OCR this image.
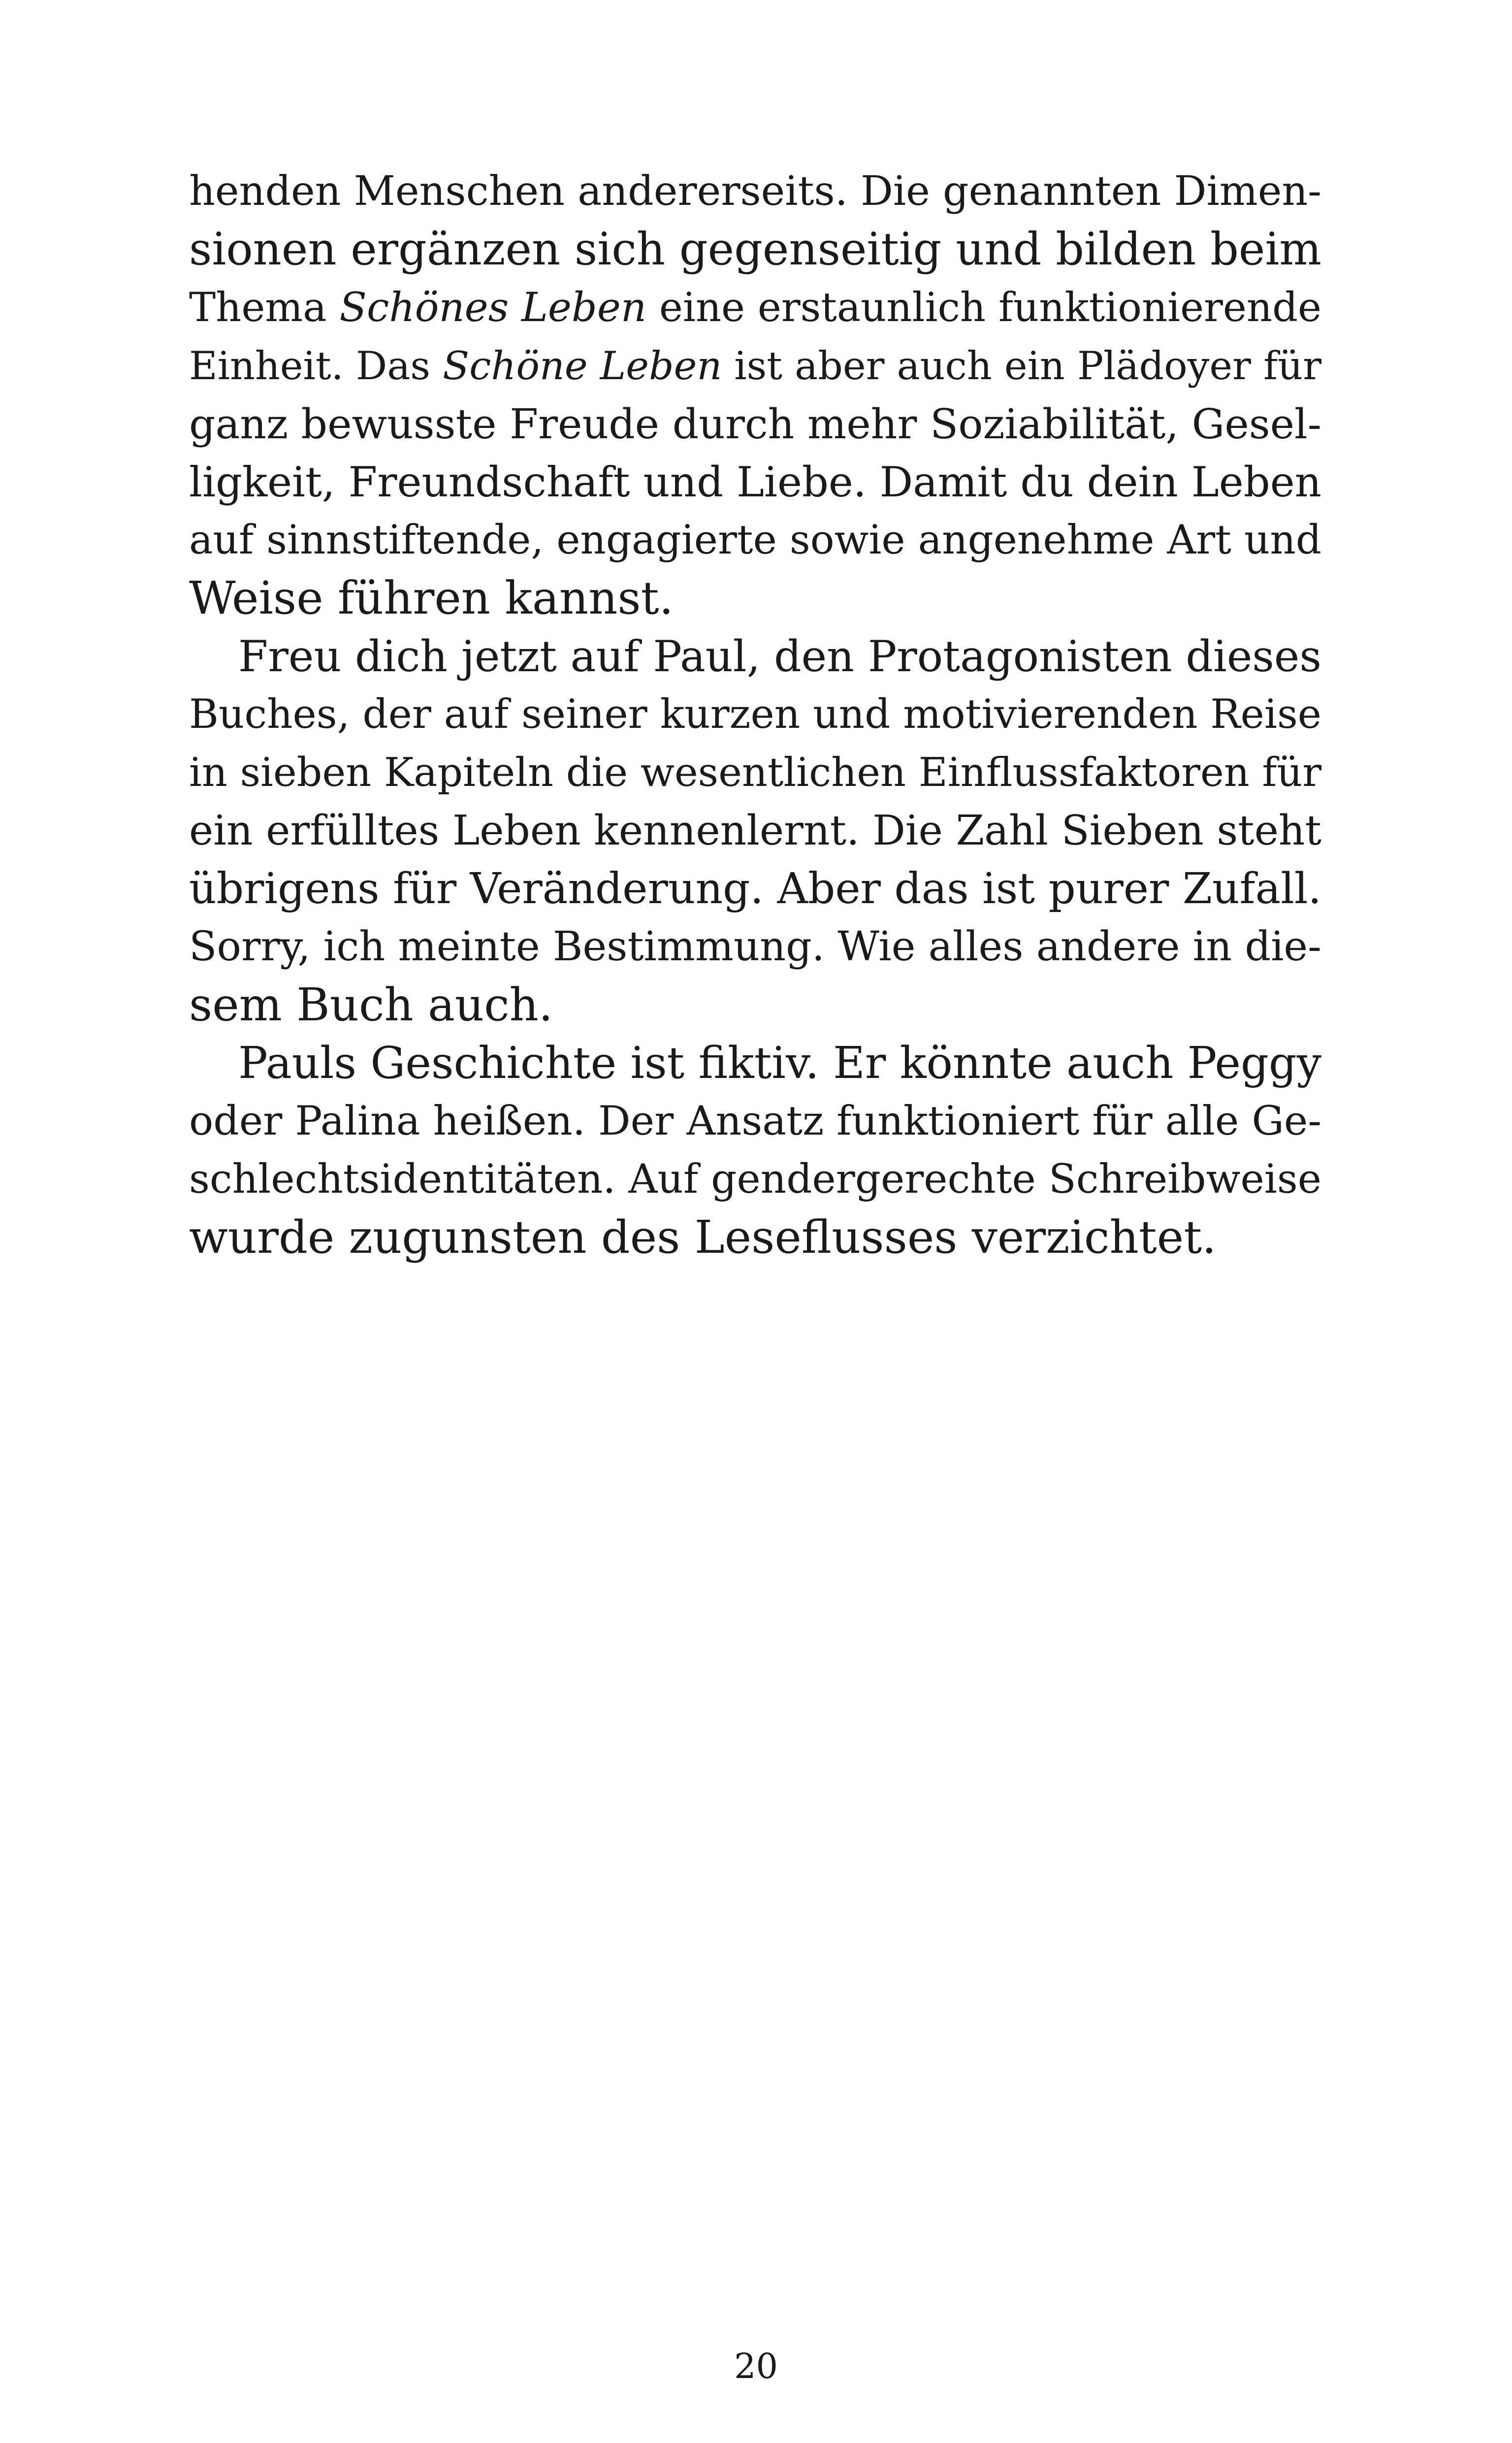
henden Menschen andererseits. Die genannten Dimen-
sionen ergänzen sich gegenseitig und bilden beim
Thema Schönes Leben eine erstaunlich funktionierende
Einheit. Das Schöne Leben ist aber auch ein Plädoyer für
ganz bewusste Freude durch mehr Soziabilität, Gesel-
ligkeit, Freundschaft und Liebe. Damit du dein Leben
auf sinnstiftende, engagierte sowie angenehme Art und
Weise führen kannst.
Freu dich jetzt auf Paul, den Protagonisten dieses
Buches, der auf seiner kurzen und motivierenden Reise
in sieben Kapiteln die wesentlichen Einflussfaktoren für
ein erfülltes Leben kennenlernt. Die Zahl Sieben steht
übrigens für Veränderung. Aber das ist purer Zufall.
Sorry, ich meinte Bestimmung. Wie alles andere in die-
sem Buch auch.
Pauls Geschichte ist fiktiv. Er könnte auch Peggy
oder Palina heißen. Der Ansatz funktioniert für alle Ge-
schlechtsidentitäten. Auf gendergerechte Schreibweise
wurde zugunsten des Leseflusses verzichtet.
20
